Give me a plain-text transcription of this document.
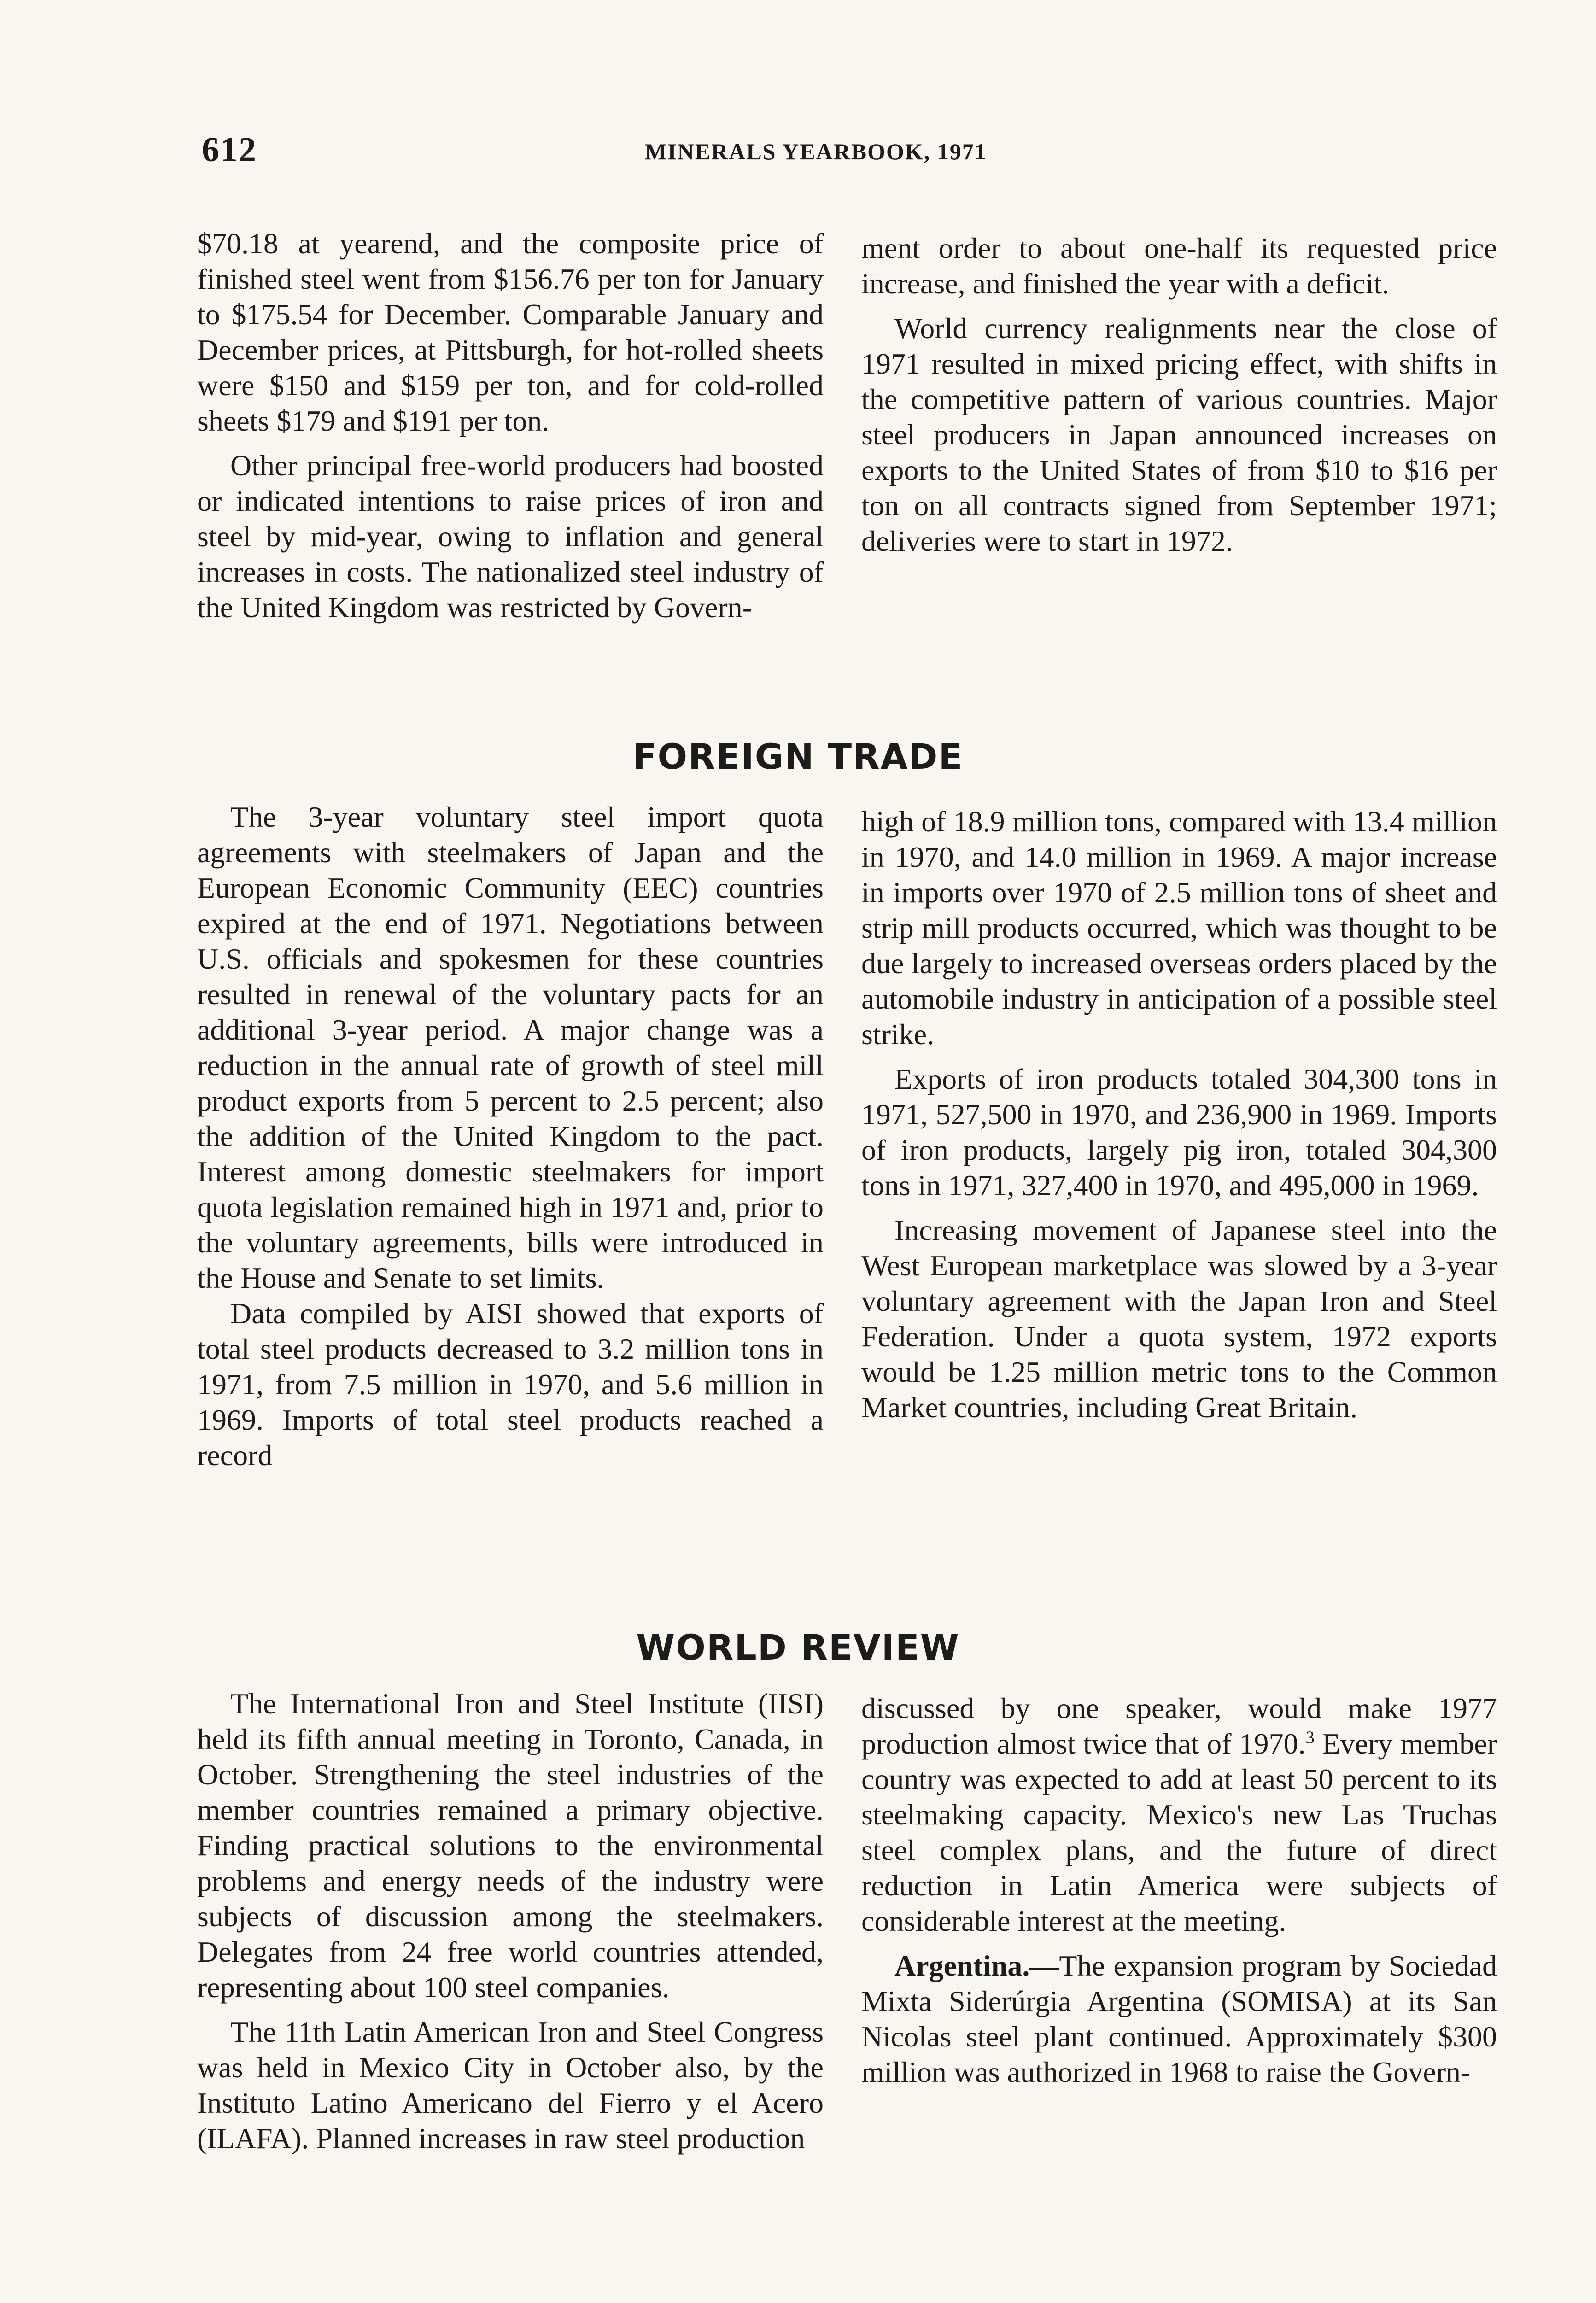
612	MINERALS YEARBOOK, 1971

$70.18 at yearend, and the composite price of finished steel went from $156.76 per ton for January to $175.54 for December. Comparable January and December prices, at Pittsburgh, for hot-rolled sheets were $150 and $159 per ton, and for cold-rolled sheets $179 and $191 per ton.

Other principal free-world producers had boosted or indicated intentions to raise prices of iron and steel by mid-year, owing to inflation and general increases in costs. The nationalized steel industry of the United Kingdom was restricted by Govern-

ment order to about one-half its requested price increase, and finished the year with a deficit.

World currency realignments near the close of 1971 resulted in mixed pricing effect, with shifts in the competitive pattern of various countries. Major steel producers in Japan announced increases on exports to the United States of from $10 to $16 per ton on all contracts signed from September 1971; deliveries were to start in 1972.

FOREIGN TRADE

The 3-year voluntary steel import quota agreements with steelmakers of Japan and the European Economic Community (EEC) countries expired at the end of 1971. Negotiations between U.S. officials and spokesmen for these countries resulted in renewal of the voluntary pacts for an additional 3-year period. A major change was a reduction in the annual rate of growth of steel mill product exports from 5 percent to 2.5 percent; also the addition of the United Kingdom to the pact. Interest among domestic steelmakers for import quota legislation remained high in 1971 and, prior to the voluntary agreements, bills were introduced in the House and Senate to set limits.

Data compiled by AISI showed that exports of total steel products decreased to 3.2 million tons in 1971, from 7.5 million in 1970, and 5.6 million in 1969. Imports of total steel products reached a record

high of 18.9 million tons, compared with 13.4 million in 1970, and 14.0 million in 1969. A major increase in imports over 1970 of 2.5 million tons of sheet and strip mill products occurred, which was thought to be due largely to increased overseas orders placed by the automobile industry in anticipation of a possible steel strike.

Exports of iron products totaled 304,300 tons in 1971, 527,500 in 1970, and 236,900 in 1969. Imports of iron products, largely pig iron, totaled 304,300 tons in 1971, 327,400 in 1970, and 495,000 in 1969.

Increasing movement of Japanese steel into the West European marketplace was slowed by a 3-year voluntary agreement with the Japan Iron and Steel Federation. Under a quota system, 1972 exports would be 1.25 million metric tons to the Common Market countries, including Great Britain.

WORLD REVIEW

The International Iron and Steel Institute (IISI) held its fifth annual meeting in Toronto, Canada, in October. Strengthening the steel industries of the member countries remained a primary objective. Finding practical solutions to the environmental problems and energy needs of the industry were subjects of discussion among the steelmakers. Delegates from 24 free world countries attended, representing about 100 steel companies.

The 11th Latin American Iron and Steel Congress was held in Mexico City in October also, by the Instituto Latino Americano del Fierro y el Acero (ILAFA). Planned increases in raw steel production

discussed by one speaker, would make 1977 production almost twice that of 1970.$^3$ Every member country was expected to add at least 50 percent to its steelmaking capacity. Mexico's new Las Truchas steel complex plans, and the future of direct reduction in Latin America were subjects of considerable interest at the meeting.

Argentina.—The expansion program by Sociedad Mixta Siderúrgia Argentina (SOMISA) at its San Nicolas steel plant continued. Approximately $300 million was authorized in 1968 to raise the Govern-
